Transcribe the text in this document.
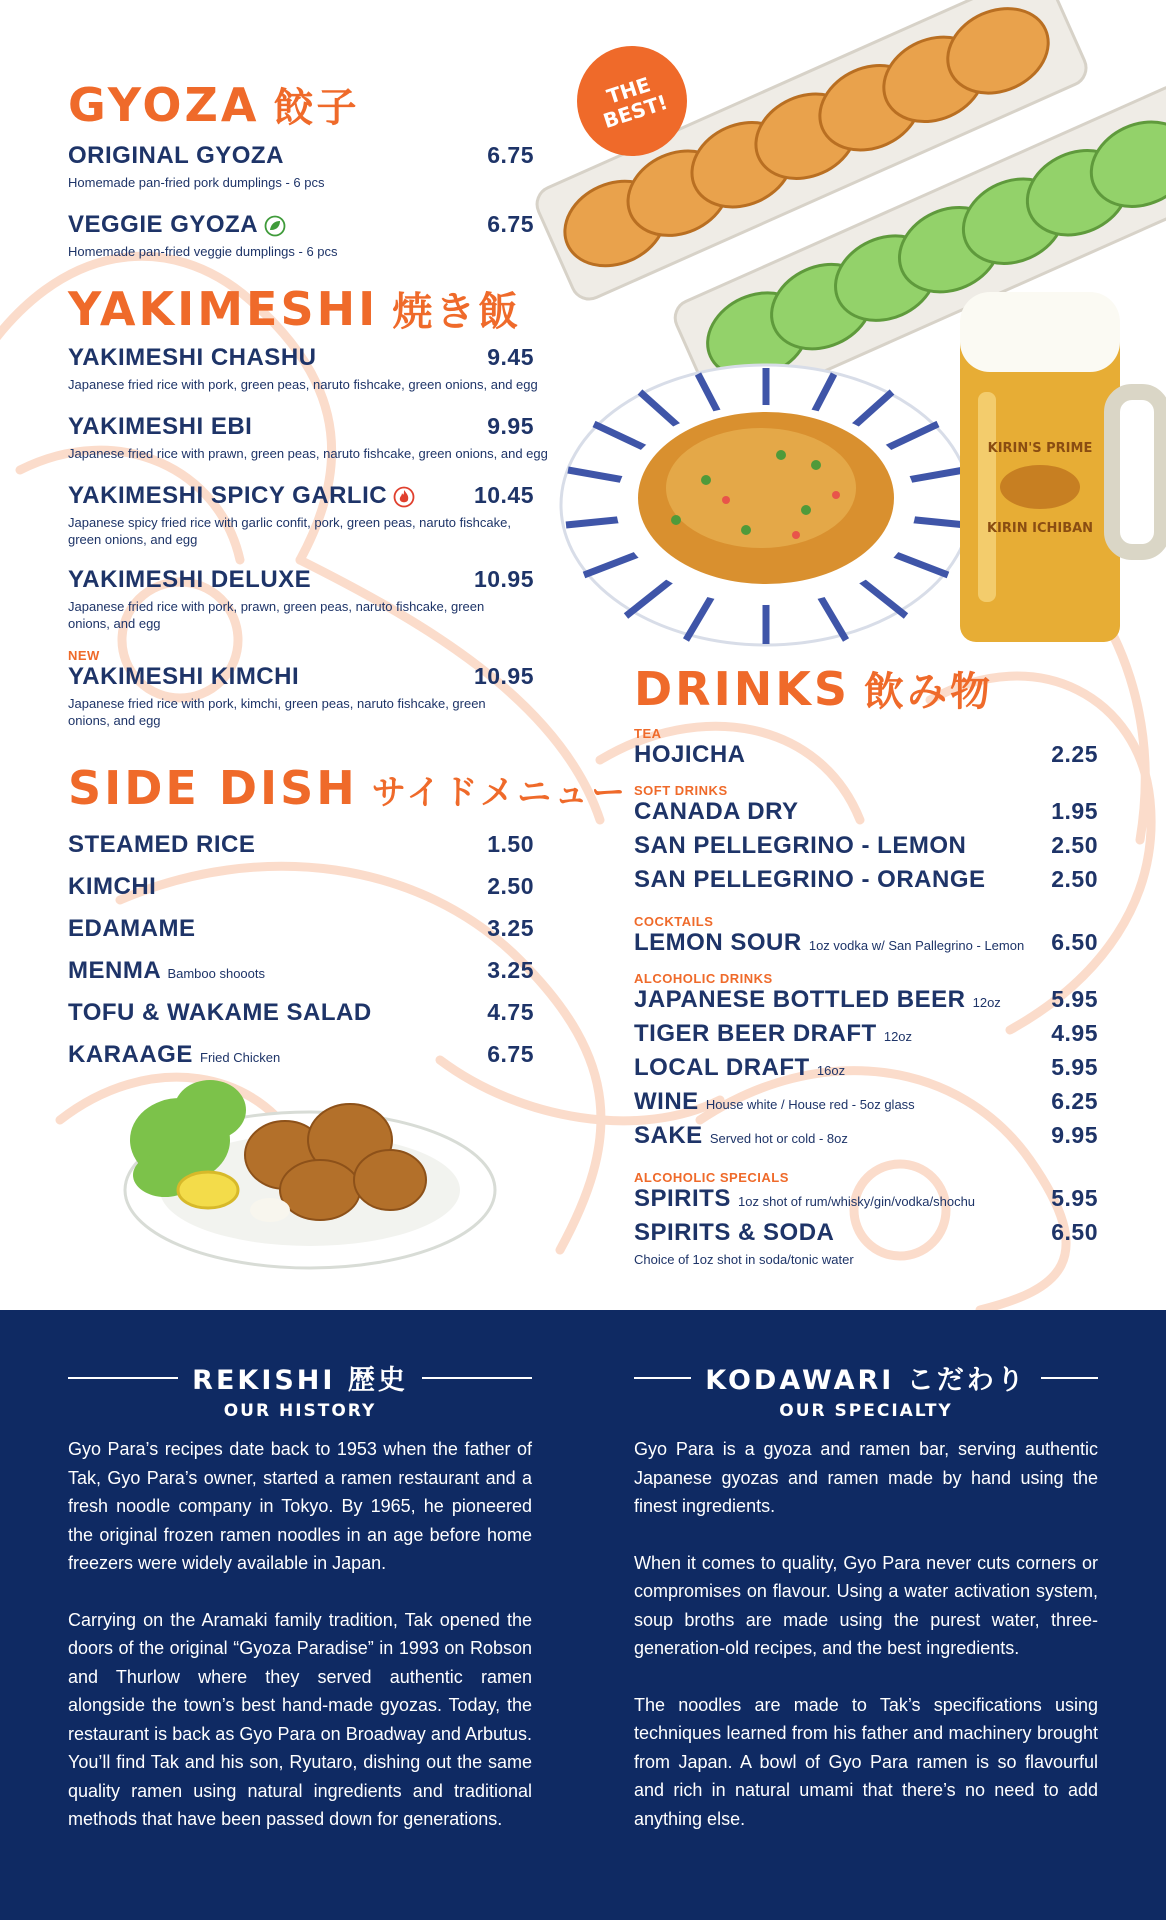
THE BEST!
KIRIN'S PRIME
KIRIN ICHIBAN
GYOZA 餃子
ORIGINAL GYOZA	6.75
Homemade pan-fried pork dumplings - 6 pcs
VEGGIE GYOZA	6.75
Homemade pan-fried veggie dumplings - 6 pcs
YAKIMESHI 焼き飯
YAKIMESHI CHASHU	9.45
Japanese fried rice with pork, green peas, naruto fishcake, green onions, and egg
YAKIMESHI EBI	9.95
Japanese fried rice with prawn, green peas, naruto fishcake, green onions, and egg
YAKIMESHI SPICY GARLIC	10.45
Japanese spicy fried rice with garlic confit, pork, green peas, naruto fishcake, green onions, and egg
YAKIMESHI DELUXE	10.95
Japanese fried rice with pork, prawn, green peas, naruto fishcake, green onions, and egg
NEW
YAKIMESHI KIMCHI	10.95
Japanese fried rice with pork, kimchi, green peas, naruto fishcake, green onions, and egg
SIDE DISH サイドメニュー
STEAMED RICE	1.50
KIMCHI	2.50
EDAMAME	3.25
MENMA Bamboo shooots	3.25
TOFU & WAKAME SALAD	4.75
KARAAGE Fried Chicken	6.75
DRINKS 飲み物
TEA
HOJICHA	2.25
SOFT DRINKS
CANADA DRY	1.95
SAN PELLEGRINO - LEMON	2.50
SAN PELLEGRINO - ORANGE	2.50
COCKTAILS
LEMON SOUR 1oz vodka w/ San Pallegrino - Lemon 6.50
ALCOHOLIC DRINKS
JAPANESE BOTTLED BEER 12oz 5.95
TIGER BEER DRAFT 12oz	4.95
LOCAL DRAFT 16oz	5.95
WINE House white / House red - 5oz glass	6.25
SAKE Served hot or cold - 8oz	9.95
ALCOHOLIC SPECIALS
SPIRITS 1oz shot of rum/whisky/gin/vodka/shochu	5.95
SPIRITS & SODA	6.50
Choice of 1oz shot in soda/tonic water
REKISHI 歴史
OUR HISTORY

Gyo Para’s recipes date back to 1953 when the father of Tak, Gyo Para’s owner, started a ramen restaurant and a fresh noodle company in Tokyo. By 1965, he pioneered the original frozen ramen noodles in an age before home freezers were widely available in Japan.

Carrying on the Aramaki family tradition, Tak opened the doors of the original “Gyoza Paradise” in 1993 on Robson and Thurlow where they served authentic ramen alongside the town’s best hand-made gyozas. Today, the restaurant is back as Gyo Para on Broadway and Arbutus. You’ll find Tak and his son, Ryutaro, dishing out the same quality ramen using natural ingredients and traditional methods that have been passed down for generations.

KODAWARI こだわり
OUR SPECIALTY

Gyo Para is a gyoza and ramen bar, serving authentic Japanese gyozas and ramen made by hand using the finest ingredients.

When it comes to quality, Gyo Para never cuts corners or compromises on flavour. Using a water activation system, soup broths are made using the purest water, three-generation-old recipes, and the best ingredients.

The noodles are made to Tak’s specifications using techniques learned from his father and machinery brought from Japan. A bowl of Gyo Para ramen is so flavourful and rich in natural umami that there’s no need to add anything else.
